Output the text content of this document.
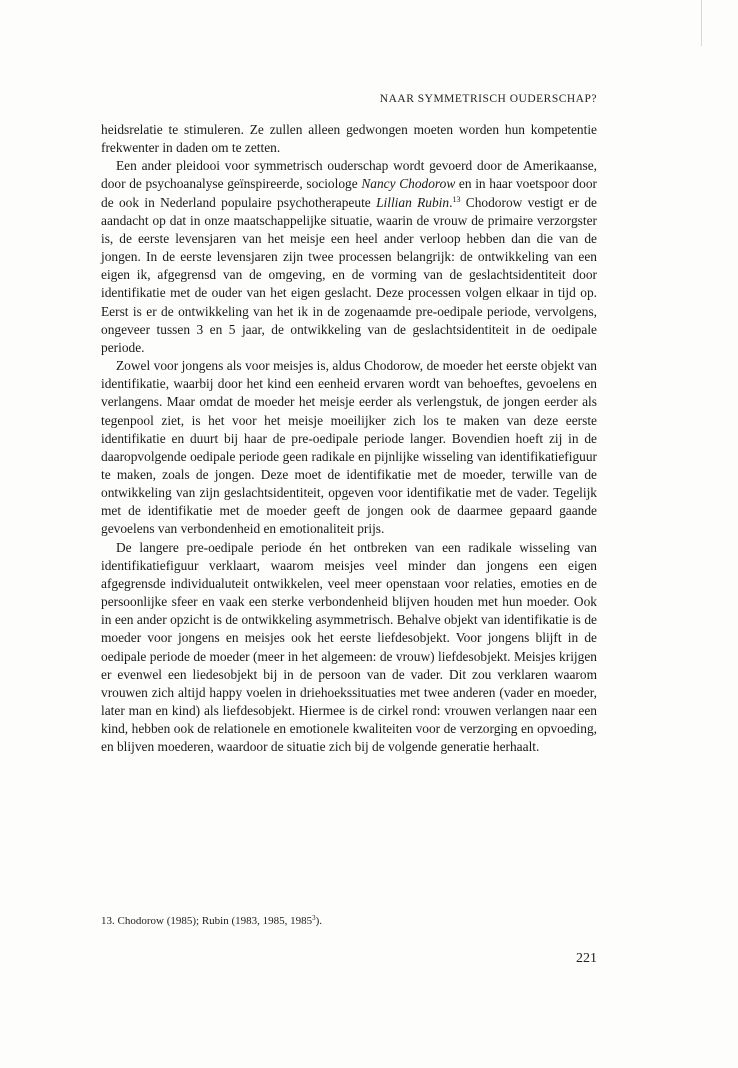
NAAR SYMMETRISCH OUDERSCHAP?

heidsrelatie te stimuleren. Ze zullen alleen gedwongen moeten worden hun kompetentie frekwenter in daden om te zetten.

Een ander pleidooi voor symmetrisch ouderschap wordt gevoerd door de Amerikaanse, door de psychoanalyse geïnspireerde, sociologe Nancy Chodorow en in haar voetspoor door de ook in Nederland populaire psychotherapeute Lillian Rubin.$^{13}$ Chodorow vestigt er de aandacht op dat in onze maatschappelijke situatie, waarin de vrouw de primaire verzorgster is, de eerste levensjaren van het meisje een heel ander verloop hebben dan die van de jongen. In de eerste levensjaren zijn twee processen belangrijk: de ontwikkeling van een eigen ik, afgegrensd van de omgeving, en de vorming van de geslachtsidentiteit door identifikatie met de ouder van het eigen geslacht. Deze processen volgen elkaar in tijd op. Eerst is er de ontwikkeling van het ik in de zogenaamde pre-oedipale periode, vervolgens, ongeveer tussen 3 en 5 jaar, de ontwikkeling van de geslachtsidentiteit in de oedipale periode.

Zowel voor jongens als voor meisjes is, aldus Chodorow, de moeder het eerste objekt van identifikatie, waarbij door het kind een eenheid ervaren wordt van behoeftes, gevoelens en verlangens. Maar omdat de moeder het meisje eerder als verlengstuk, de jongen eerder als tegenpool ziet, is het voor het meisje moeilijker zich los te maken van deze eerste identifikatie en duurt bij haar de pre-oedipale periode langer. Bovendien hoeft zij in de daaropvolgende oedipale periode geen radikale en pijnlijke wisseling van identifikatiefiguur te maken, zoals de jongen. Deze moet de identifikatie met de moeder, terwille van de ontwikkeling van zijn geslachtsidentiteit, opgeven voor identifikatie met de vader. Tegelijk met de identifikatie met de moeder geeft de jongen ook de daarmee gepaard gaande gevoelens van verbondenheid en emotionaliteit prijs.

De langere pre-oedipale periode én het ontbreken van een radikale wisseling van identifikatiefiguur verklaart, waarom meisjes veel minder dan jongens een eigen afgegrensde individualuteit ontwikkelen, veel meer openstaan voor relaties, emoties en de persoonlijke sfeer en vaak een sterke verbondenheid blijven houden met hun moeder. Ook in een ander opzicht is de ontwikkeling asymmetrisch. Behalve objekt van identifikatie is de moeder voor jongens en meisjes ook het eerste liefdesobjekt. Voor jongens blijft in de oedipale periode de moeder (meer in het algemeen: de vrouw) liefdesobjekt. Meisjes krijgen er evenwel een liedesobjekt bij in de persoon van de vader. Dit zou verklaren waarom vrouwen zich altijd happy voelen in driehoekssituaties met twee anderen (vader en moeder, later man en kind) als liefdesobjekt. Hiermee is de cirkel rond: vrouwen verlangen naar een kind, hebben ook de relationele en emotionele kwaliteiten voor de verzorging en opvoeding, en blijven moederen, waardoor de situatie zich bij de volgende generatie herhaalt.

13. Chodorow (1985); Rubin (1983, 1985, 1985$^3$).
221
